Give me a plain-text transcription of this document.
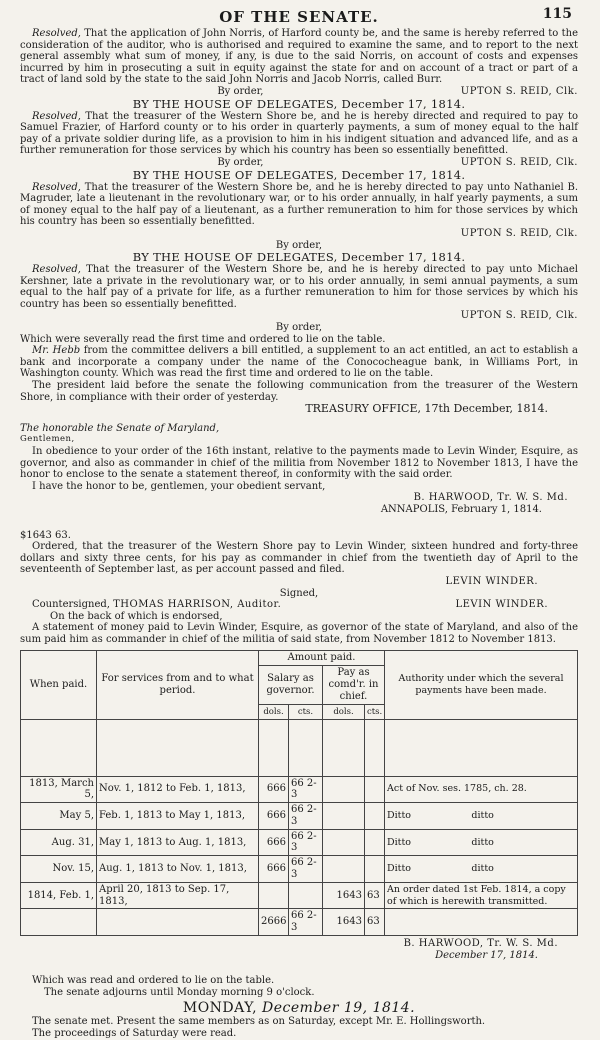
OF THE SENATE.	115

Resolved, That the application of John Norris, of Harford county be, and the same is hereby referred to the consideration of the auditor, who is authorised and required to examine the same, and to report to the next general assembly what sum of money, if any, is due to the said Norris, on account of costs and expenses incurred by him in prosecuting a suit in equity against the state for and on account of a tract or part of a tract of land sold by the state to the said John Norris and Jacob Norris, called Burr.

By order,	UPTON S. REID, Clk.

BY THE HOUSE OF DELEGATES, December 17, 1814.

Resolved, That the treasurer of the Western Shore be, and he is hereby directed and required to pay to Samuel Frazier, of Harford county or to his order in quarterly payments, a sum of money equal to the half pay of a private soldier during life, as a provision to him in his indigent situation and advanced life, and as a further remuneration for those services by which his country has been so essentially benefitted.

By order,	UPTON S. REID, Clk.

BY THE HOUSE OF DELEGATES, December 17, 1814.

Resolved, That the treasurer of the Western Shore be, and he is hereby directed to pay unto Nathaniel B. Magruder, late a lieutenant in the revolutionary war, or to his order annually, in half yearly payments, a sum of money equal to the half pay of a lieutenant, as a further remuneration to him for those services by which his country has been so essentially benefitted.

UPTON S. REID, Clk.
By order,

BY THE HOUSE OF DELEGATES, December 17, 1814.

Resolved, That the treasurer of the Western Shore be, and he is hereby directed to pay unto Michael Kershner, late a private in the revolutionary war, or to his order annually, in semi annual payments, a sum equal to the half pay of a private for life, as a further remuneration to him for those services by which his country has been so essentially benefitted.

UPTON S. REID, Clk.
By order,

Which were severally read the first time and ordered to lie on the table.

Mr. Hebb from the committee delivers a bill entitled, a supplement to an act entitled, an act to establish a bank and incorporate a company under the name of the Conococheague bank, in Williams Port, in Washington county. Which was read the first time and ordered to lie on the table.

The president laid before the senate the following communication from the treasurer of the Western Shore, in compliance with their order of yesterday.

TREASURY OFFICE, 17th December, 1814.

The honorable the Senate of Maryland,

Gentlemen,

In obedience to your order of the 16th instant, relative to the payments made to Levin Winder, Esquire, as governor, and also as commander in chief of the militia from November 1812 to November 1813, I have the honor to enclose to the senate a statement thereof, in conformity with the said order.

I have the honor to be, gentlemen, your obedient servant,

B. HARWOOD, Tr. W. S. Md.
ANNAPOLIS, February 1, 1814.

$1643 63.

Ordered, that the treasurer of the Western Shore pay to Levin Winder, sixteen hundred and forty-three dollars and sixty three cents, for his pay as commander in chief from the twentieth day of April to the seventeenth of September last, as per account passed and filed.

LEVIN WINDER.
Signed,
Countersigned, THOMAS HARRISON, Auditor.	LEVIN WINDER.

On the back of which is endorsed,

A statement of money paid to Levin Winder, Esquire, as governor of the state of Maryland, and also of the sum paid him as commander in chief of the militia of said state, from November 1812 to November 1813.

When paid.	For services from and to what period.	Amount paid.				Authority under which the several payments have been made.
		Salary as governor.		Pay as comd'r. in chief.		
		dols.	cts.	dols.	cts.	

1813, March 5,	Nov. 1, 1812 to Feb. 1, 1813,	666	66 2-3			Act of Nov. ses. 1785, ch. 28.
May 5,	Feb. 1, 1813 to May 1, 1813,	666	66 2-3			Ditto                    ditto
Aug. 31,	May 1, 1813 to Aug. 1, 1813,	666	66 2-3			Ditto                    ditto
Nov. 15,	Aug. 1, 1813 to Nov. 1, 1813,	666	66 2-3			Ditto                    ditto
1814, Feb. 1,	April 20, 1813 to Sep. 17, 1813,			1643	63	An order dated 1st Feb. 1814, a copy of which is herewith transmitted.
		2666	66 2-3	1643	63	
B. HARWOOD, Tr. W. S. Md.
December 17, 1814.

Which was read and ordered to lie on the table.

The senate adjourns until Monday morning 9 o'clock.

MONDAY, December 19, 1814.

The senate met. Present the same members as on Saturday, except Mr. E. Hollingsworth.

The proceedings of Saturday were read.
